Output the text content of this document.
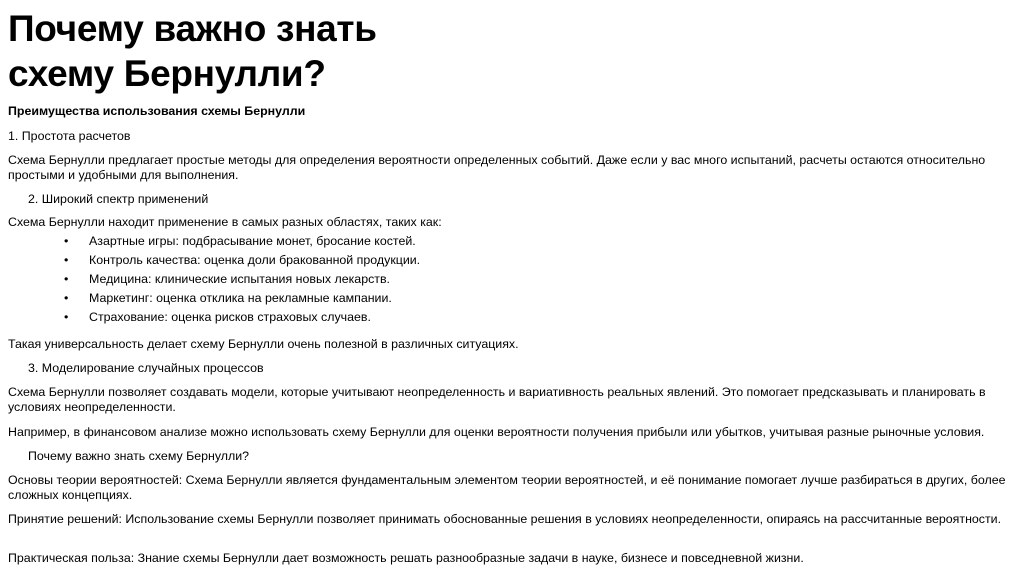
Почему важно знать
схему Бернулли?

Преимущества использования схемы Бернулли

1. Простота расчетов

Схема Бернулли предлагает простые методы для определения вероятности определенных событий. Даже если у вас много испытаний, расчеты остаются относительно простыми и удобными для выполнения.

2. Широкий спектр применений

Схема Бернулли находит применение в самых разных областях, таких как:

• Азартные игры: подбрасывание монет, бросание костей.
• Контроль качества: оценка доли бракованной продукции.
• Медицина: клинические испытания новых лекарств.
• Маркетинг: оценка отклика на рекламные кампании.
• Страхование: оценка рисков страховых случаев.

Такая универсальность делает схему Бернулли очень полезной в различных ситуациях.

3. Моделирование случайных процессов

Схема Бернулли позволяет создавать модели, которые учитывают неопределенность и вариативность реальных явлений. Это помогает предсказывать и планировать в условиях неопределенности.

Например, в финансовом анализе можно использовать схему Бернулли для оценки вероятности получения прибыли или убытков, учитывая разные рыночные условия.

Почему важно знать схему Бернулли?

Основы теории вероятностей: Схема Бернулли является фундаментальным элементом теории вероятностей, и её понимание помогает лучше разбираться в других, более сложных концепциях.

Принятие решений: Использование схемы Бернулли позволяет принимать обоснованные решения в условиях неопределенности, опираясь на рассчитанные вероятности.

Практическая польза: Знание схемы Бернулли дает возможность решать разнообразные задачи в науке, бизнесе и повседневной жизни.
